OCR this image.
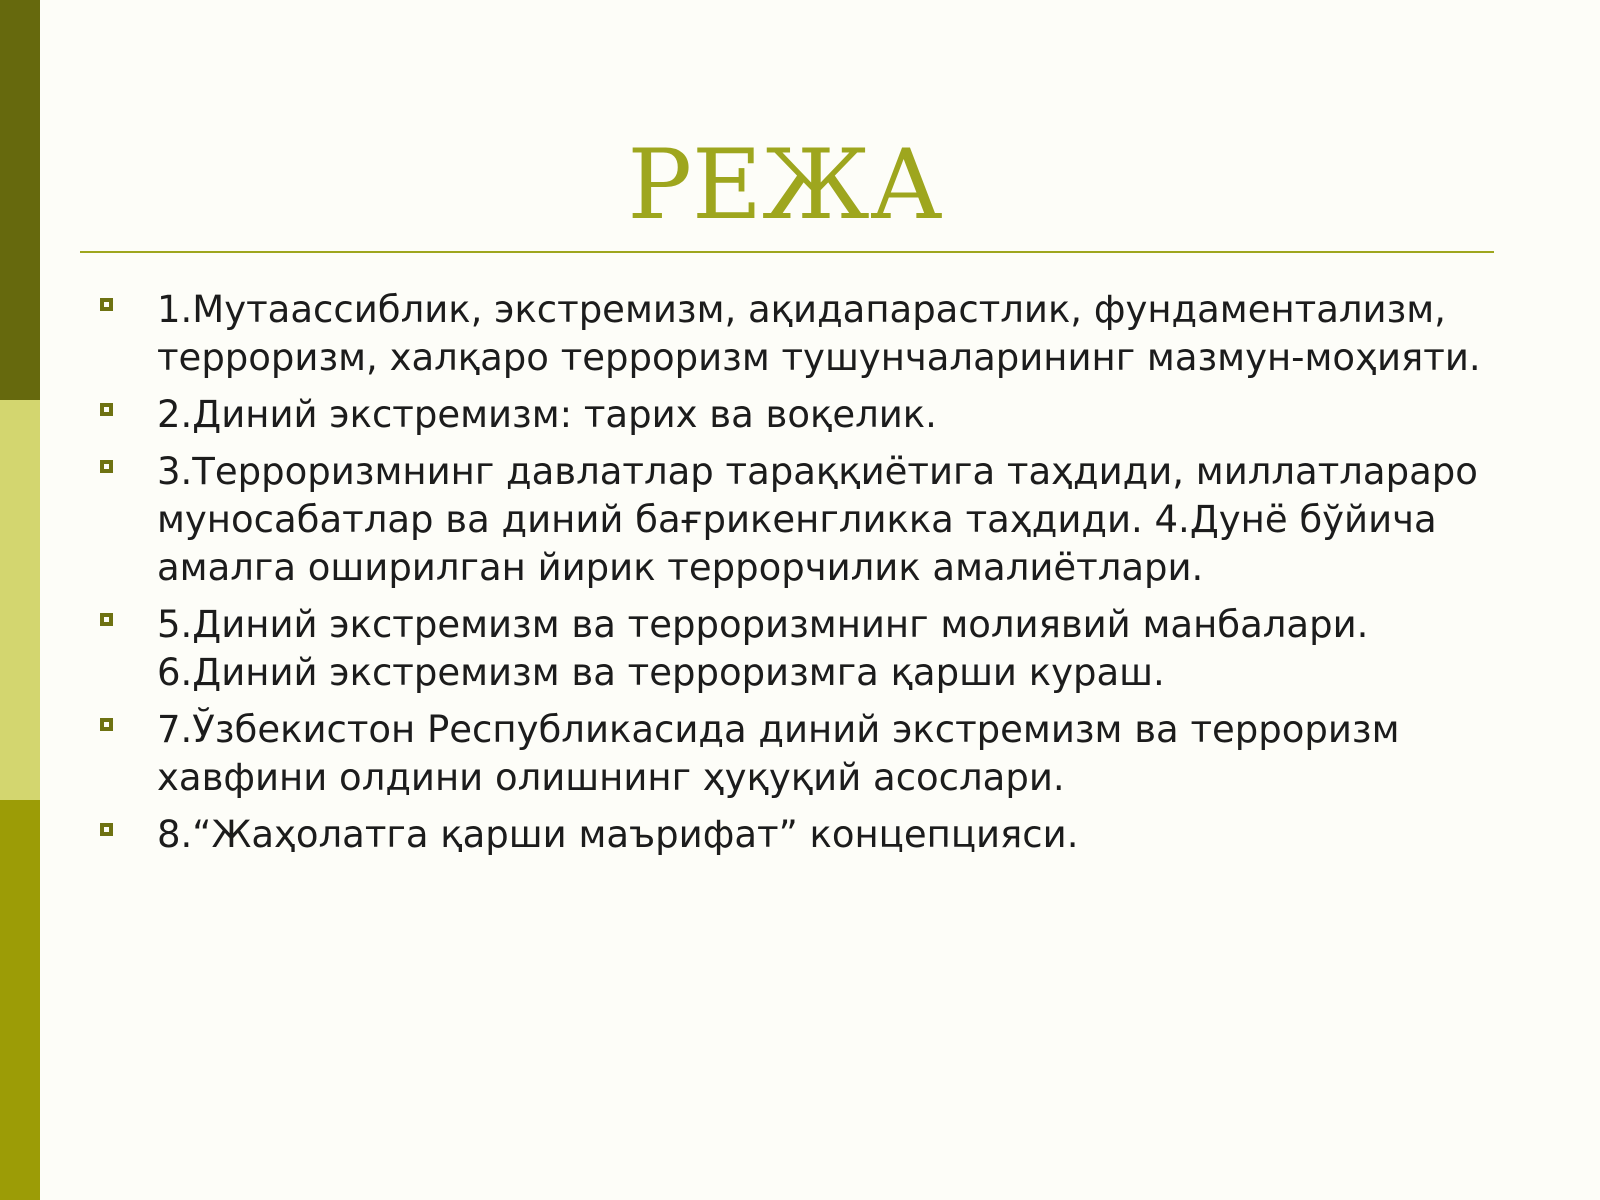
РЕЖА
1.Мутаассиблик, экстремизм, ақидапарастлик, фундаментализм, терроризм, халқаро терроризм тушунчаларининг мазмун-моҳияти.
2.Диний экстремизм: тарих ва воқелик.
3.Терроризмнинг давлатлар тараққиётига таҳдиди, миллатлараро муносабатлар ва диний бағрикенгликка таҳдиди. 4.Дунё бўйича амалга оширилган йирик террорчилик амалиётлари.
5.Диний экстремизм ва терроризмнинг молиявий манбалари. 6.Диний экстремизм ва терроризмга қарши кураш.
7.Ўзбекистон Республикасида диний экстремизм ва терроризм хавфини олдини олишнинг ҳуқуқий асослари.
8.“Жаҳолатга қарши маърифат” концепцияси.
